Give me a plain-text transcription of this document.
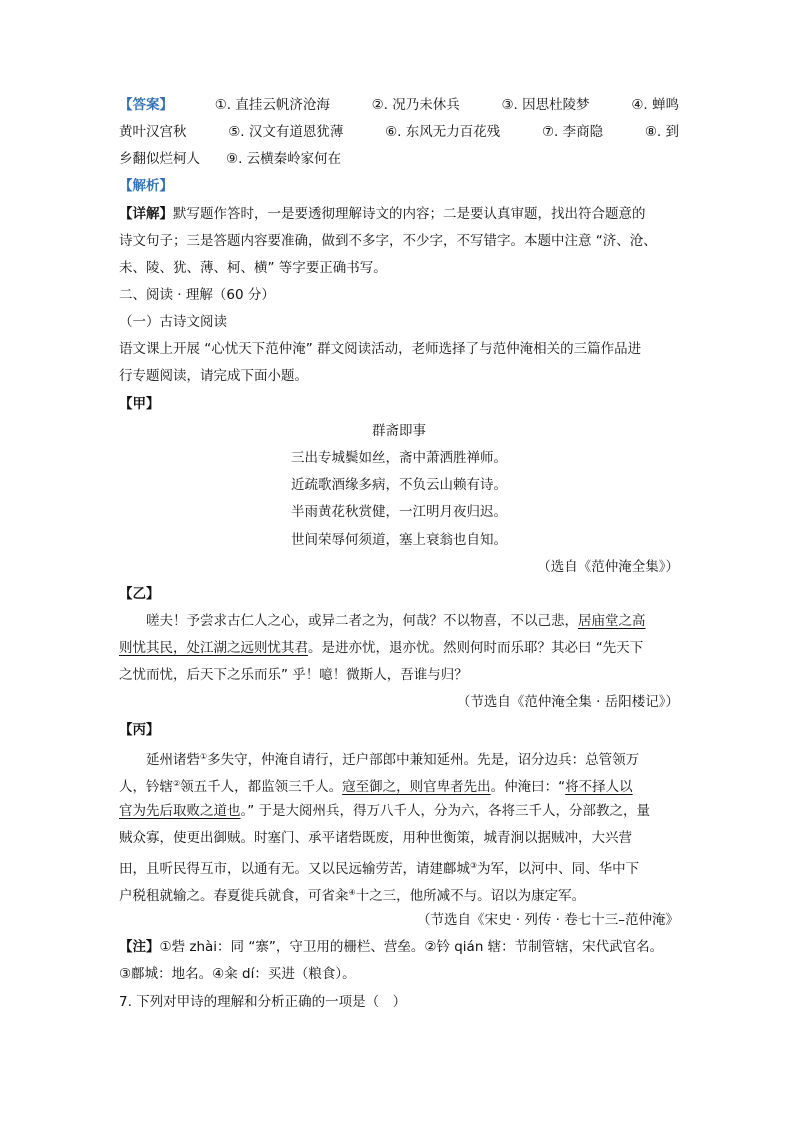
【答案】	①. 直挂云帆济沧海	②. 况乃未休兵	③. 因思杜陵梦	④. 蝉鸣
黄叶汉宫秋	⑤. 汉文有道恩犹薄	⑥. 东风无力百花残	⑦. 李商隐	⑧. 到
乡翻似烂柯人 ⑨. 云横秦岭家何在
【解析】
【详解】默写题作答时，一是要透彻理解诗文的内容；二是要认真审题，找出符合题意的
诗文句子；三是答题内容要准确，做到不多字，不少字，不写错字。本题中注意 “济、沧、
未、陵、犹、薄、柯、横” 等字要正确书写。
二、阅读 · 理解（60 分）
（一）古诗文阅读
语文课上开展 “心忧天下范仲淹” 群文阅读活动，老师选择了与范仲淹相关的三篇作品进
行专题阅读，请完成下面小题。
【甲】
群斋即事
三出专城鬓如丝，斋中萧洒胜禅师。
近疏歌酒缘多病，不负云山赖有诗。
半雨黄花秋赏健，一江明月夜归迟。
世间荣辱何须道，塞上衰翁也自知。
（选自《范仲淹全集》）
【乙】
嗟夫！予尝求古仁人之心，或异二者之为，何哉？不以物喜，不以己悲，居庙堂之高
则忧其民，处江湖之远则忧其君。是进亦忧，退亦忧。然则何时而乐耶？其必曰 “先天下
之忧而忧，后天下之乐而乐” 乎！噫！微斯人，吾谁与归？
（节选自《范仲淹全集 · 岳阳楼记》）
【丙】
延州诸砦①多失守，仲淹自请行，迁户部郎中兼知延州。先是，诏分边兵：总管领万
人，钤辖②领五千人，都监领三千人。寇至御之，则官卑者先出。仲淹曰：“将不择人以
官为先后取败之道也。” 于是大阅州兵，得万八千人，分为六，各将三千人，分部教之，量
贼众寡，使更出御贼。时塞门、承平诸砦既废，用种世衡策，城青涧以据贼冲，大兴营
田，且听民得互市，以通有无。又以民远输劳苦，请建鄜城③为军，以河中、同、华中下
户税租就输之。春夏徙兵就食，可省籴④十之三，他所减不与。诏以为康定军。
（节选自《宋史 · 列传 · 卷七十三–范仲淹》
【注】①砦 zhài：同 “寨”，守卫用的栅栏、营垒。②钤 qián 辖：节制管辖，宋代武官名。
③鄜城：地名。④籴 dí：买进（粮食）。
7. 下列对甲诗的理解和分析正确的一项是（　）
